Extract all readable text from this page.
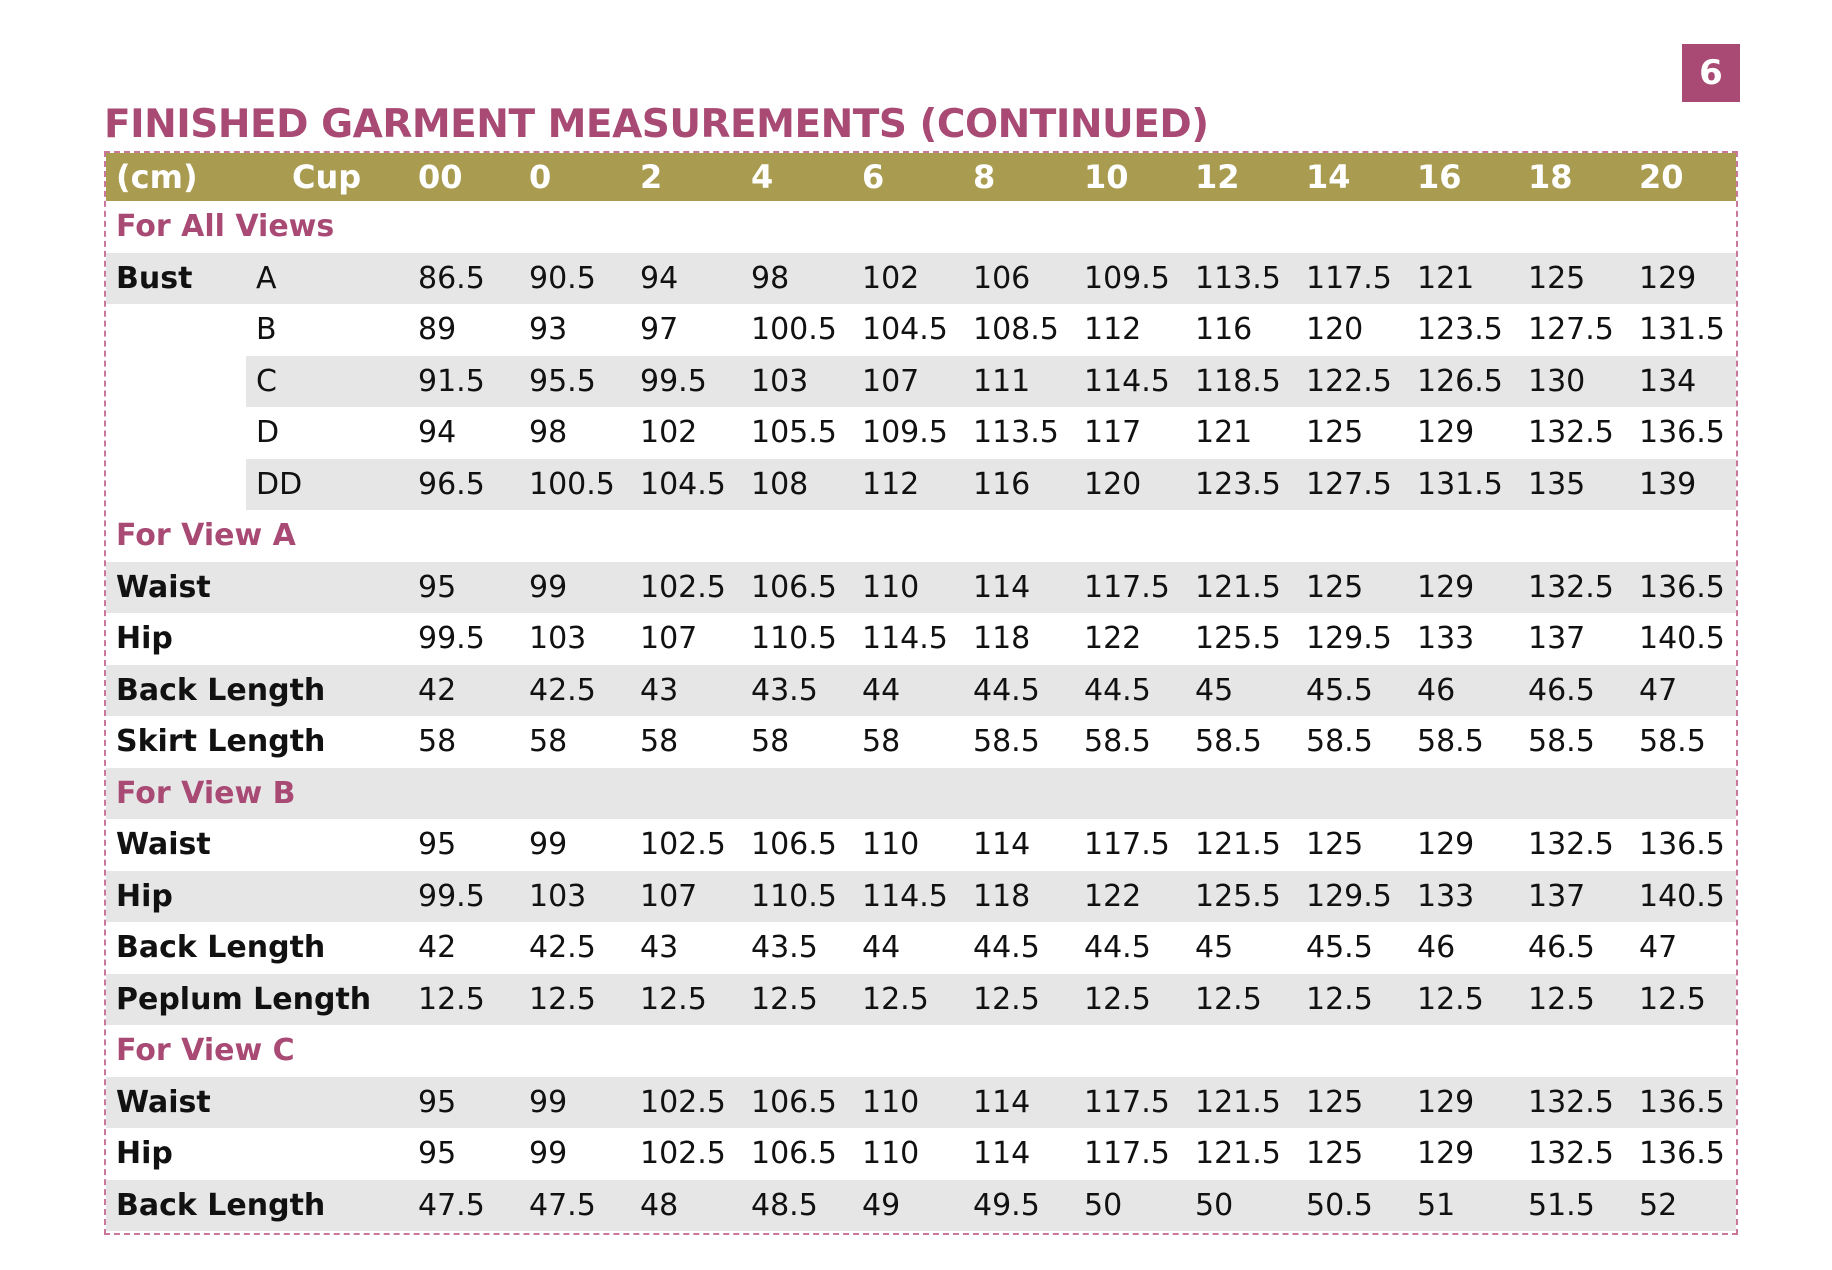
6
FINISHED GARMENT MEASUREMENTS (CONTINUED)
(cm)	Cup 00 0	2	4	6	8	10 12 14 16 18 20
For All Views
Bust A	86.5 90.5 94 98 102 106 109.5 113.5 117.5 121 125 129
B	89 93 97 100.5 104.5 108.5 112 116 120 123.5 127.5 131.5
C	91.5 95.5 99.5 103 107 111 114.5 118.5 122.5 126.5 130 134
D	94 98 102 105.5 109.5 113.5 117 121 125 129 132.5 136.5
DD	96.5 100.5 104.5 108 112 116 120 123.5 127.5 131.5 135 139
For View A
Waist	95 99 102.5 106.5 110 114 117.5 121.5 125 129 132.5 136.5
Hip	99.5 103 107 110.5 114.5 118 122 125.5 129.5 133 137 140.5
Back Length	42 42.5 43 43.5 44 44.5 44.5 45 45.5 46 46.5 47
Skirt Length	58 58 58 58 58 58.5 58.5 58.5 58.5 58.5 58.5 58.5
For View B
Waist	95 99 102.5 106.5 110 114 117.5 121.5 125 129 132.5 136.5
Hip	99.5 103 107 110.5 114.5 118 122 125.5 129.5 133 137 140.5
Back Length	42 42.5 43 43.5 44 44.5 44.5 45 45.5 46 46.5 47
Peplum Length 12.5 12.5 12.5 12.5 12.5 12.5 12.5 12.5 12.5 12.5 12.5 12.5
For View C
Waist	95 99 102.5 106.5 110 114 117.5 121.5 125 129 132.5 136.5
Hip	95 99 102.5 106.5 110 114 117.5 121.5 125 129 132.5 136.5
Back Length	47.5 47.5 48 48.5 49 49.5 50 50 50.5 51 51.5 52
